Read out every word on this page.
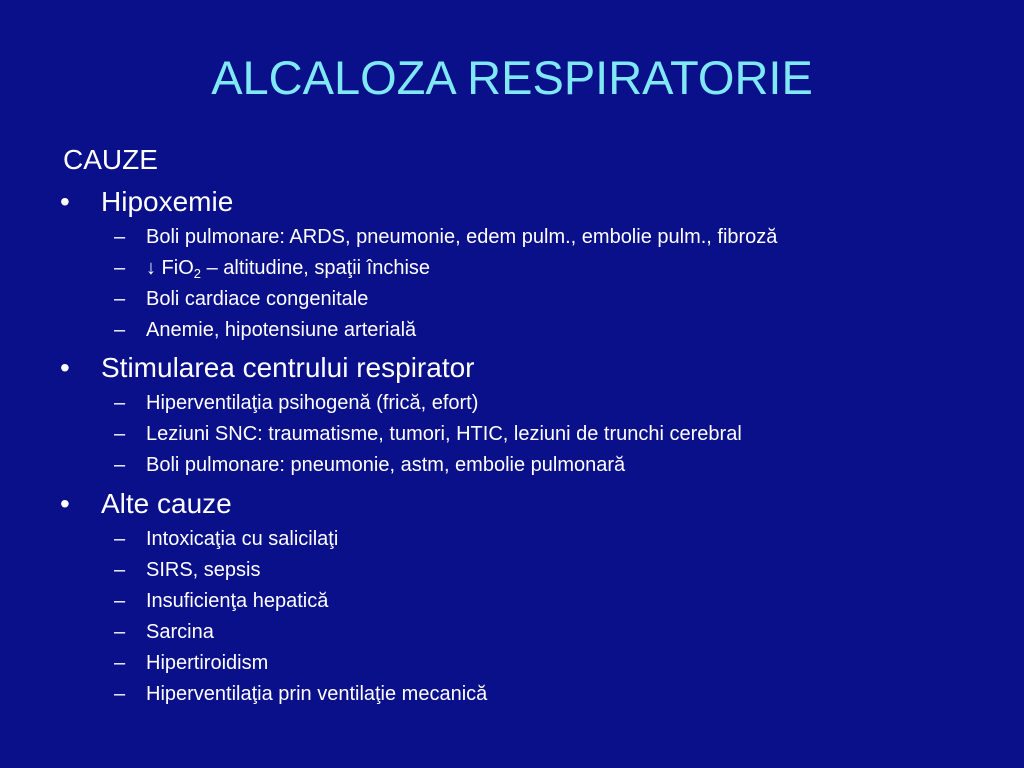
ALCALOZA RESPIRATORIE
CAUZE
• Hipoxemie
– Boli pulmonare: ARDS, pneumonie, edem pulm., embolie pulm., fibroză
– ↓ FiO$_2$ – altitudine, spaţii închise
– Boli cardiace congenitale
– Anemie, hipotensiune arterială
• Stimularea centrului respirator
– Hiperventilaţia psihogenă (frică, efort)
– Leziuni SNC: traumatisme, tumori, HTIC, leziuni de trunchi cerebral
– Boli pulmonare: pneumonie, astm, embolie pulmonară
• Alte cauze
– Intoxicaţia cu salicilaţi
– SIRS, sepsis
– Insuficienţa hepatică
– Sarcina
– Hipertiroidism
– Hiperventilaţia prin ventilaţie mecanică
